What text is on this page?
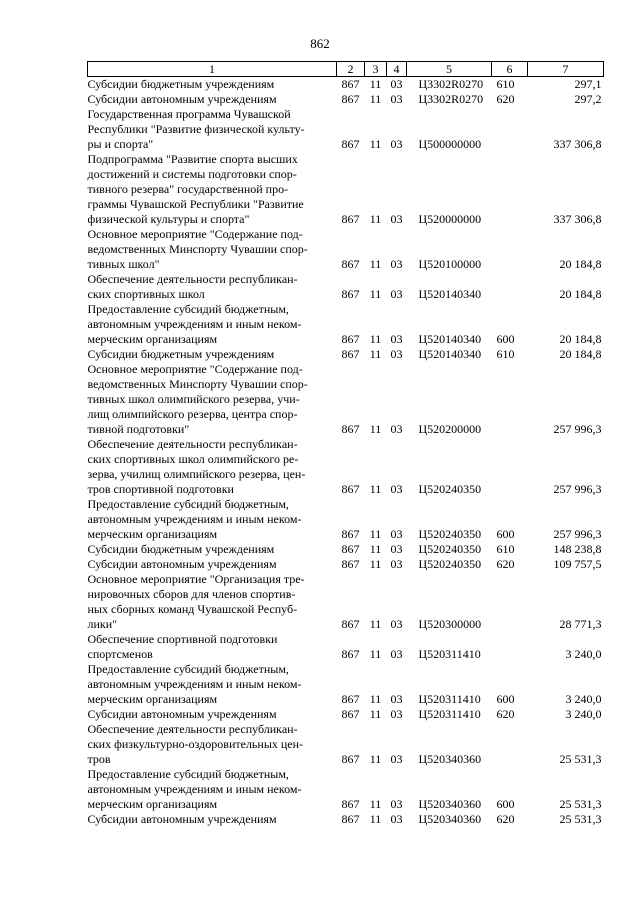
862
1	2	3	4	5	6	7
Субсидии бюджетным учреждениям	867	11	03	Ц3302R0270	610	297,1
Субсидии автономным учреждениям	867	11	03	Ц3302R0270	620	297,2
Государственная программа Чувашской
Республики "Развитие физической культу-
ры и спорта"	867	11	03	Ц500000000		337 306,8
Подпрограмма "Развитие спорта высших
достижений и системы подготовки спор-
тивного резерва" государственной про-
граммы Чувашской Республики "Развитие
физической культуры и спорта"	867	11	03	Ц520000000		337 306,8
Основное мероприятие "Содержание под-
ведомственных Минспорту Чувашии спор-
тивных школ"	867	11	03	Ц520100000		20 184,8
Обеспечение деятельности республикан-
ских спортивных школ	867	11	03	Ц520140340		20 184,8
Предоставление субсидий бюджетным,
автономным учреждениям и иным неком-
мерческим организациям	867	11	03	Ц520140340	600	20 184,8
Субсидии бюджетным учреждениям	867	11	03	Ц520140340	610	20 184,8
Основное мероприятие "Содержание под-
ведомственных Минспорту Чувашии спор-
тивных школ олимпийского резерва, учи-
лищ олимпийского резерва, центра спор-
тивной подготовки"	867	11	03	Ц520200000		257 996,3
Обеспечение деятельности республикан-
ских спортивных школ олимпийского ре-
зерва, училищ олимпийского резерва, цен-
тров спортивной подготовки	867	11	03	Ц520240350		257 996,3
Предоставление субсидий бюджетным,
автономным учреждениям и иным неком-
мерческим организациям	867	11	03	Ц520240350	600	257 996,3
Субсидии бюджетным учреждениям	867	11	03	Ц520240350	610	148 238,8
Субсидии автономным учреждениям	867	11	03	Ц520240350	620	109 757,5
Основное мероприятие "Организация тре-
нировочных сборов для членов спортив-
ных сборных команд Чувашской Респуб-
лики"	867	11	03	Ц520300000		28 771,3
Обеспечение спортивной подготовки
спортсменов	867	11	03	Ц520311410		3 240,0
Предоставление субсидий бюджетным,
автономным учреждениям и иным неком-
мерческим организациям	867	11	03	Ц520311410	600	3 240,0
Субсидии автономным учреждениям	867	11	03	Ц520311410	620	3 240,0
Обеспечение деятельности республикан-
ских физкультурно-оздоровительных цен-
тров	867	11	03	Ц520340360		25 531,3
Предоставление субсидий бюджетным,
автономным учреждениям и иным неком-
мерческим организациям	867	11	03	Ц520340360	600	25 531,3
Субсидии автономным учреждениям	867	11	03	Ц520340360	620	25 531,3
